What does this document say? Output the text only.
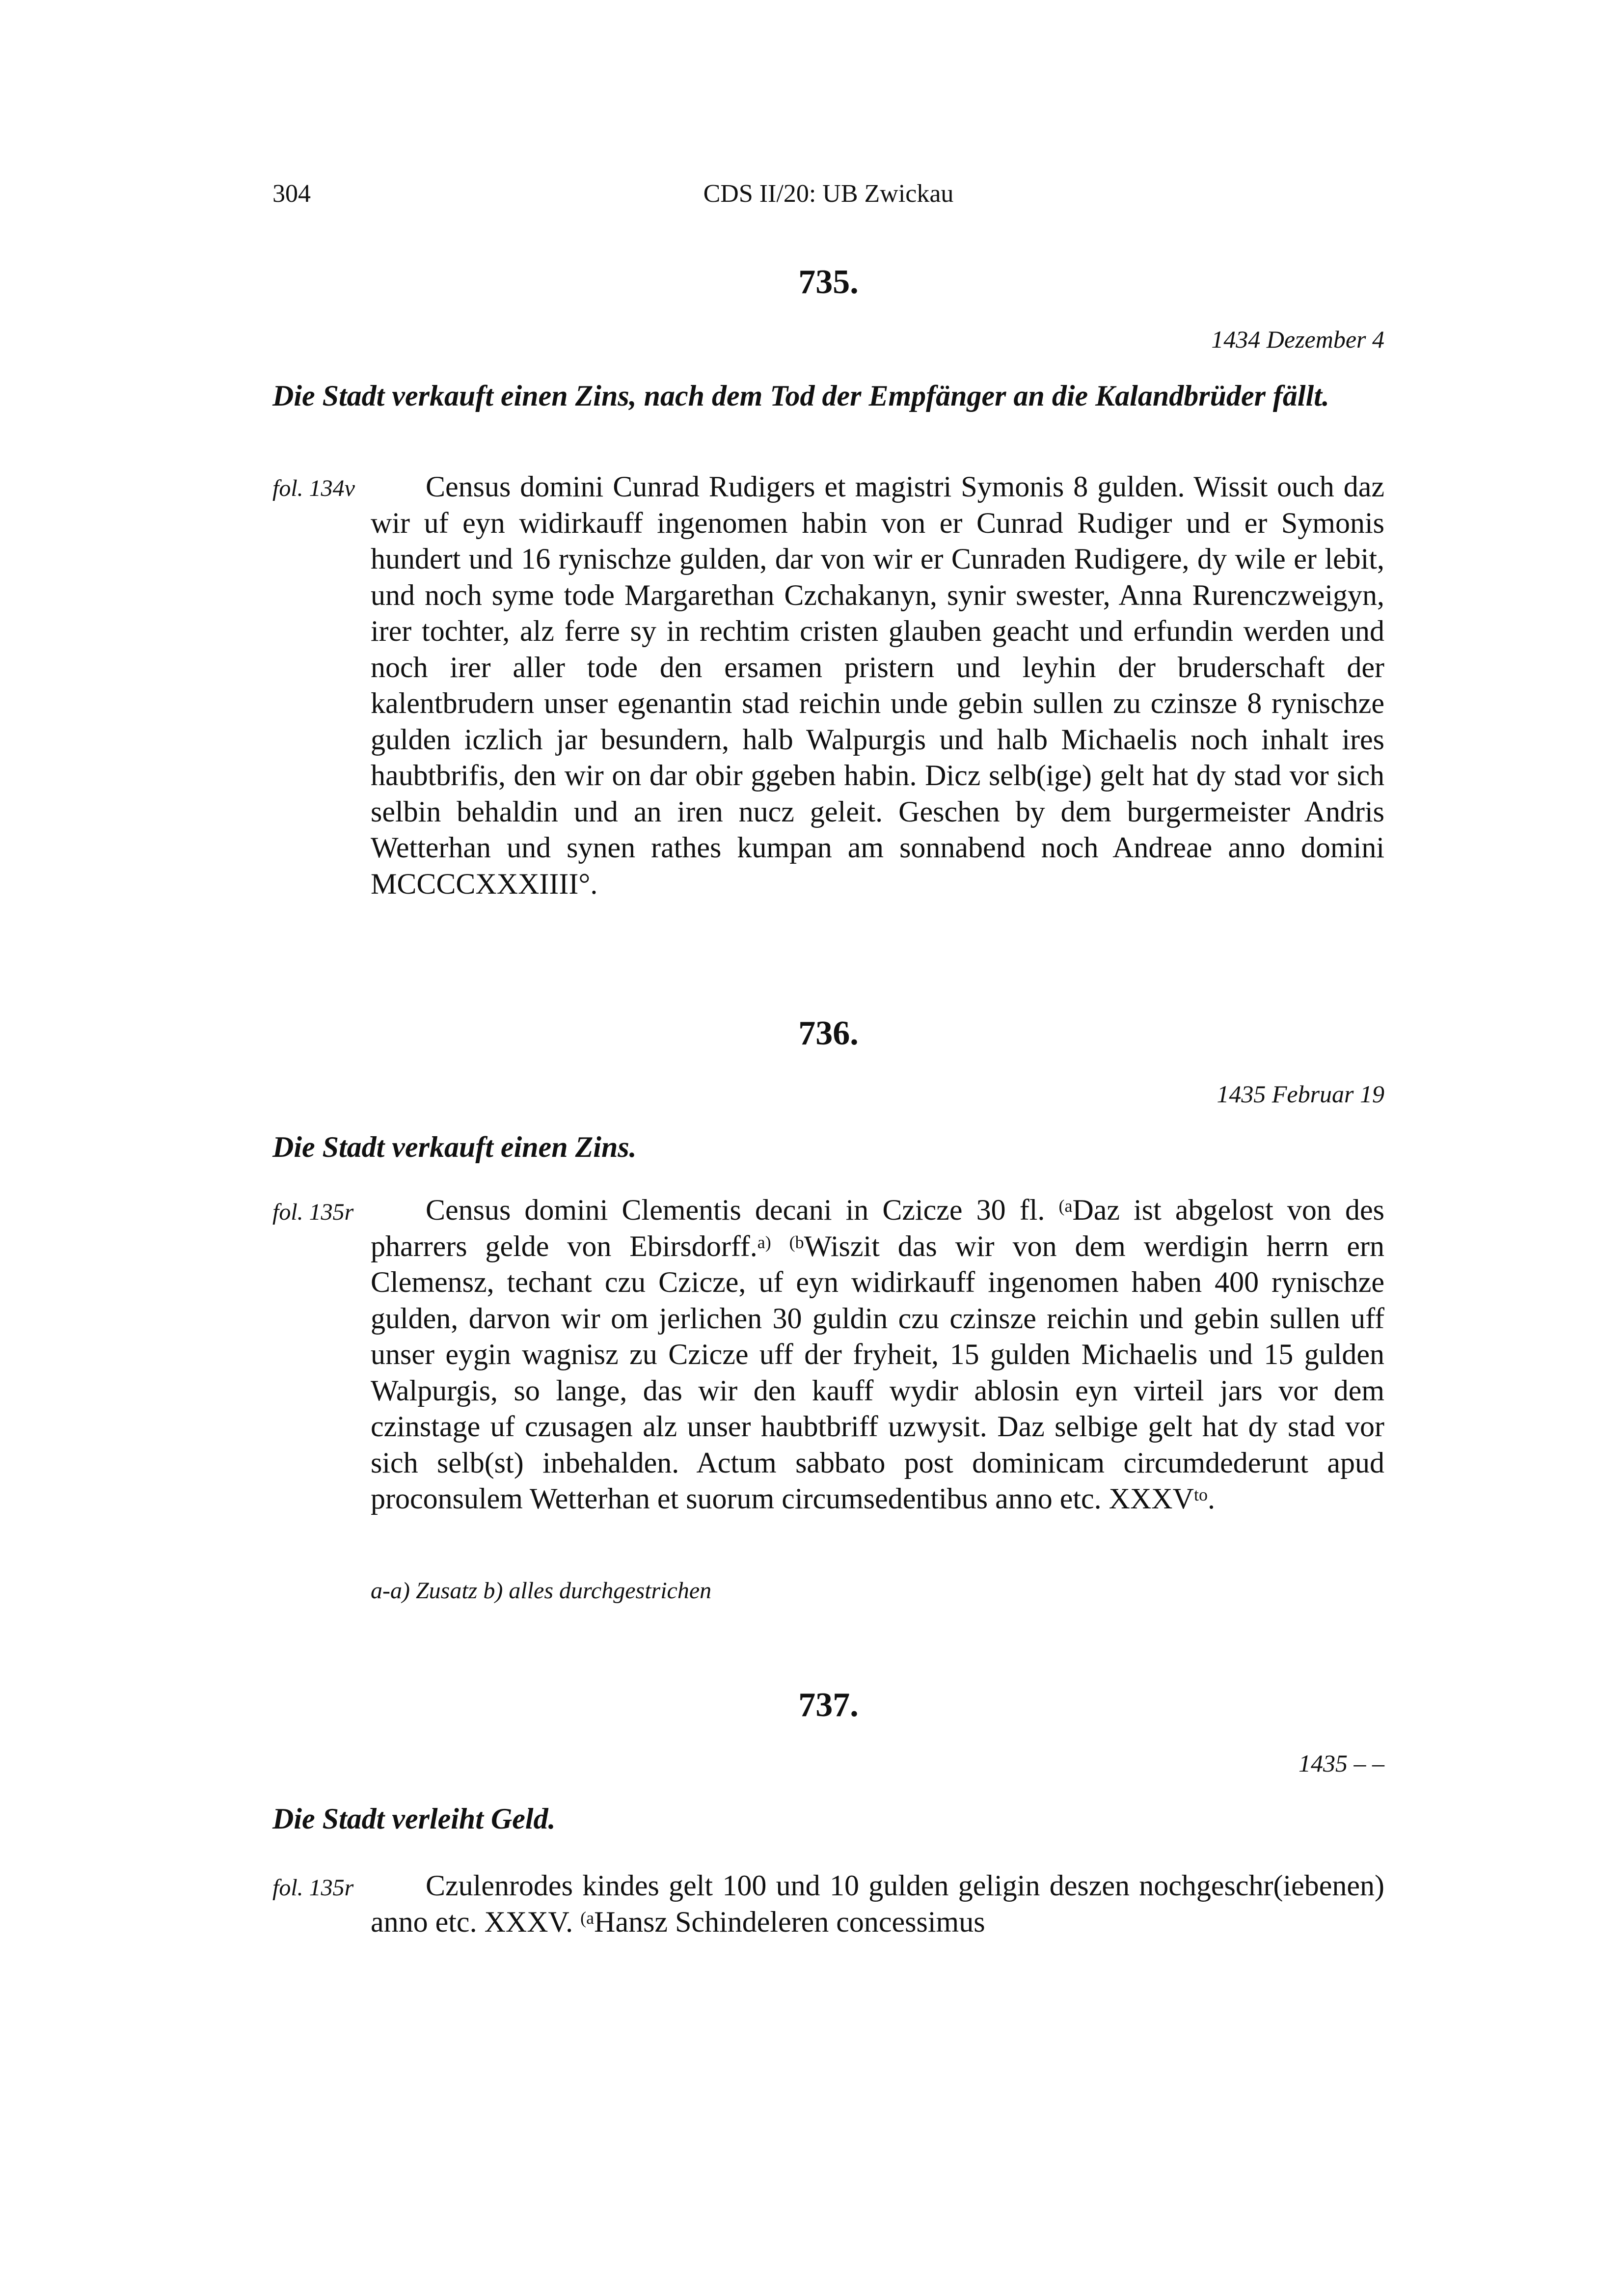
304	CDS II/20: UB Zwickau
735.
1434 Dezember 4
Die Stadt verkauft einen Zins, nach dem Tod der Empfänger an die Kalandbrüder fällt.
fol. 134v	Census domini Cunrad Rudigers et magistri Symonis 8 gulden. Wissit ouch daz wir uf eyn widirkauff ingenomen habin von er Cunrad Rudiger und er Symonis hundert und 16 rynischze gulden, dar von wir er Cunraden Rudigere, dy wile er lebit, und noch syme tode Margarethan Czchakanyn, synir swester, Anna Rurenczweigyn, irer tochter, alz ferre sy in rechtim cristen glauben geacht und erfundin werden und noch irer aller tode den ersamen pristern und leyhin der bruderschaft der kalentbrudern unser egenantin stad reichin unde gebin sullen zu czinsze 8 rynischze gulden iczlich jar besundern, halb Walpurgis und halb Michaelis noch inhalt ires haubtbrifis, den wir on dar obir ggeben habin. Dicz selb(ige) gelt hat dy stad vor sich selbin behaldin und an iren nucz geleit. Geschen by dem burgermeister Andris Wetterhan und synen rathes kumpan am sonnabend noch Andreae anno domini MCCCCXXXIIII°.

736.
1435 Februar 19
Die Stadt verkauft einen Zins.
fol. 135r	Census domini Clementis decani in Czicze 30 fl. $^{(a}$Daz ist abgelost von des pharrers gelde von Ebirsdorff.$^{a)}$ $^{(b}$Wiszit das wir von dem werdigin herrn ern Clemensz, techant czu Czicze, uf eyn widirkauff ingenomen haben 400 rynischze gulden, darvon wir om jerlichen 30 guldin czu czinsze reichin und gebin sullen uff unser eygin wagnisz zu Czicze uff der fryheit, 15 gulden Michaelis und 15 gulden Walpurgis, so lange, das wir den kauff wydir ablosin eyn virteil jars vor dem czinstage uf czusagen alz unser haubtbriff uzwysit. Daz selbige gelt hat dy stad vor sich selb(st) inbehalden. Actum sabbato post dominicam circumdederunt apud proconsulem Wetterhan et suorum circumsedentibus anno etc. XXXV$^{to}$.

a-a) Zusatz b) alles durchgestrichen
737.
1435 – –
Die Stadt verleiht Geld.
fol. 135r	Czulenrodes kindes gelt 100 und 10 gulden geligin deszen nochgeschr(iebenen) anno etc. XXXV. $^{(a}$Hansz Schindeleren concessimus
